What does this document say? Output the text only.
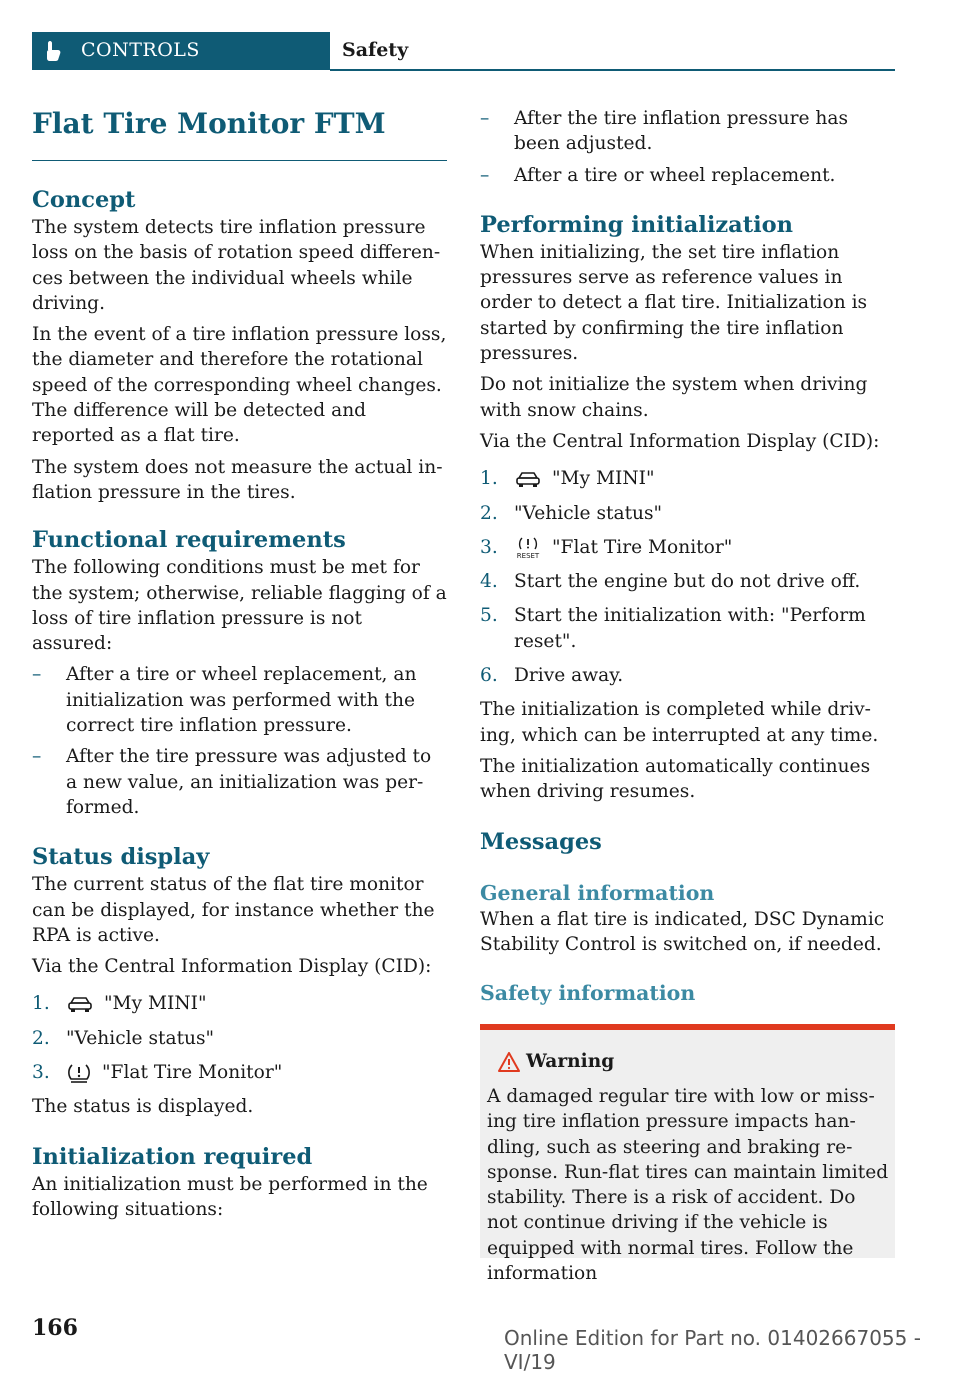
CONTROLS	Safety
Flat Tire Monitor FTM
Concept

The system detects tire inflation pressure loss on the basis of rotation speed differences between the individual wheels while driving.

In the event of a tire inflation pressure loss, the diameter and therefore the rotational speed of the corresponding wheel changes. The difference will be detected and reported as a flat tire.

The system does not measure the actual inflation pressure in the tires.

Functional requirements

The following conditions must be met for the system; otherwise, reliable flagging of a loss of tire inflation pressure is not assured:

– After a tire or wheel replacement, an initialization was performed with the correct tire inflation pressure.
– After the tire pressure was adjusted to a new value, an initialization was performed.
Status display

The current status of the flat tire monitor can be displayed, for instance whether the RPA is active.

Via the Central Information Display (CID):

1.	"My MINI"
2. "Vehicle status"
3.	"Flat Tire Monitor"

The status is displayed.

Initialization required

An initialization must be performed in the following situations:

– After the tire inflation pressure has been adjusted.
– After a tire or wheel replacement.
Performing initialization

When initializing, the set tire inflation pressures serve as reference values in order to detect a flat tire. Initialization is started by confirming the tire inflation pressures.

Do not initialize the system when driving with snow chains.

Via the Central Information Display (CID):

1.	"My MINI"
2. "Vehicle status"
3.	RESET "Flat Tire Monitor"
4. Start the engine but do not drive off.
5. Start the initialization with: "Perform reset".
6. Drive away.

The initialization is completed while driving, which can be interrupted at any time.

The initialization automatically continues when driving resumes.

Messages
General information

When a flat tire is indicated, DSC Dynamic Stability Control is switched on, if needed.

Safety information
Warning
A damaged regular tire with low or missing tire inflation pressure impacts handling, such as steering and braking response. Run-flat tires can maintain limited stability. There is a risk of accident. Do not continue driving if the vehicle is equipped with normal tires. Follow the information
166	Online Edition for Part no. 01402667055 - VI/19
